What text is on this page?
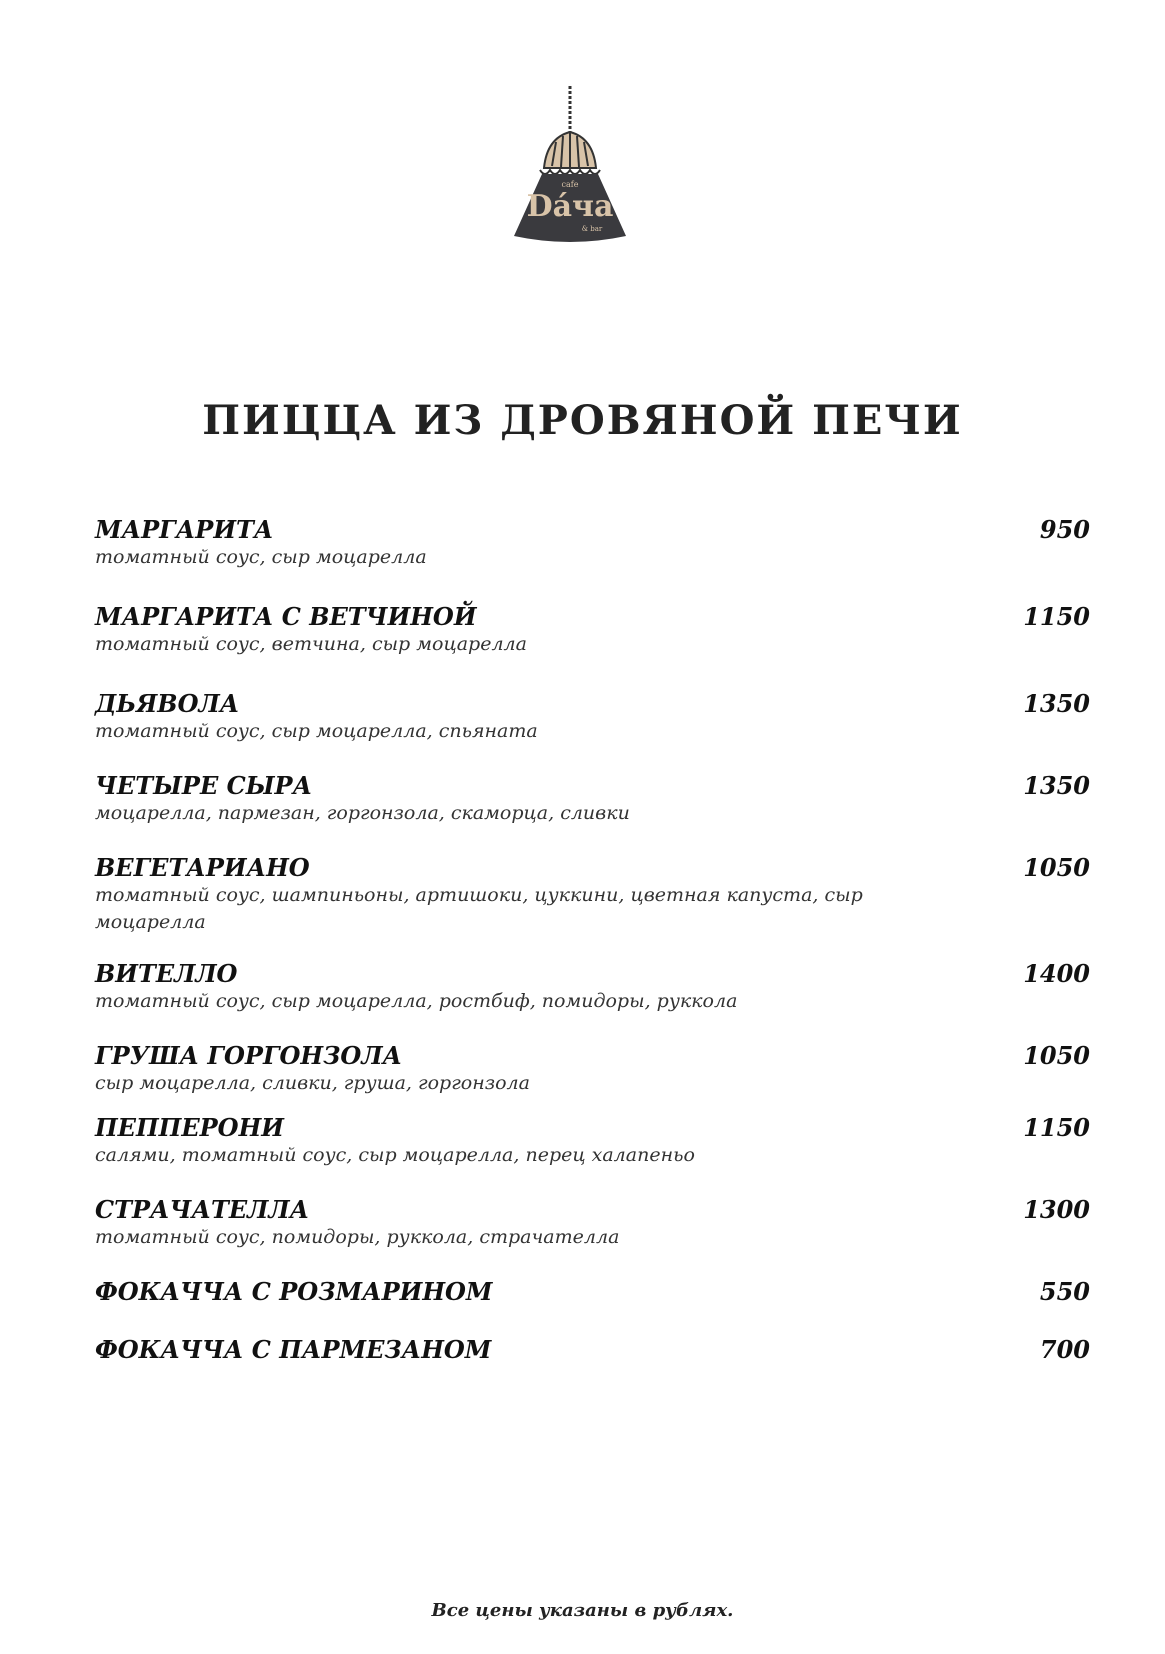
cafe
Dáча
& bar
ПИЦЦА ИЗ ДРОВЯНОЙ ПЕЧИ
МАРГАРИТА	950
томатный соус, сыр моцарелла
МАРГАРИТА С ВЕТЧИНОЙ	1150
томатный соус, ветчина, сыр моцарелла
ДЬЯВОЛА	1350
томатный соус, сыр моцарелла, спьяната
ЧЕТЫРЕ СЫРА	1350
моцарелла, пармезан, горгонзола, скаморца, сливки
ВЕГЕТАРИАНО	1050
томатный соус, шампиньоны, артишоки, цуккини, цветная капуста, сыр моцарелла
ВИТЕЛЛО	1400
томатный соус, сыр моцарелла, ростбиф, помидоры, руккола
ГРУША ГОРГОНЗОЛА	1050
сыр моцарелла, сливки, груша, горгонзола
ПЕППЕРОНИ	1150
салями, томатный соус, сыр моцарелла, перец халапеньо
СТРАЧАТЕЛЛА	1300
томатный соус, помидоры, руккола, страчателла
ФОКАЧЧА С РОЗМАРИНОМ	550
ФОКАЧЧА С ПАРМЕЗАНОМ	700
Все цены указаны в рублях.
